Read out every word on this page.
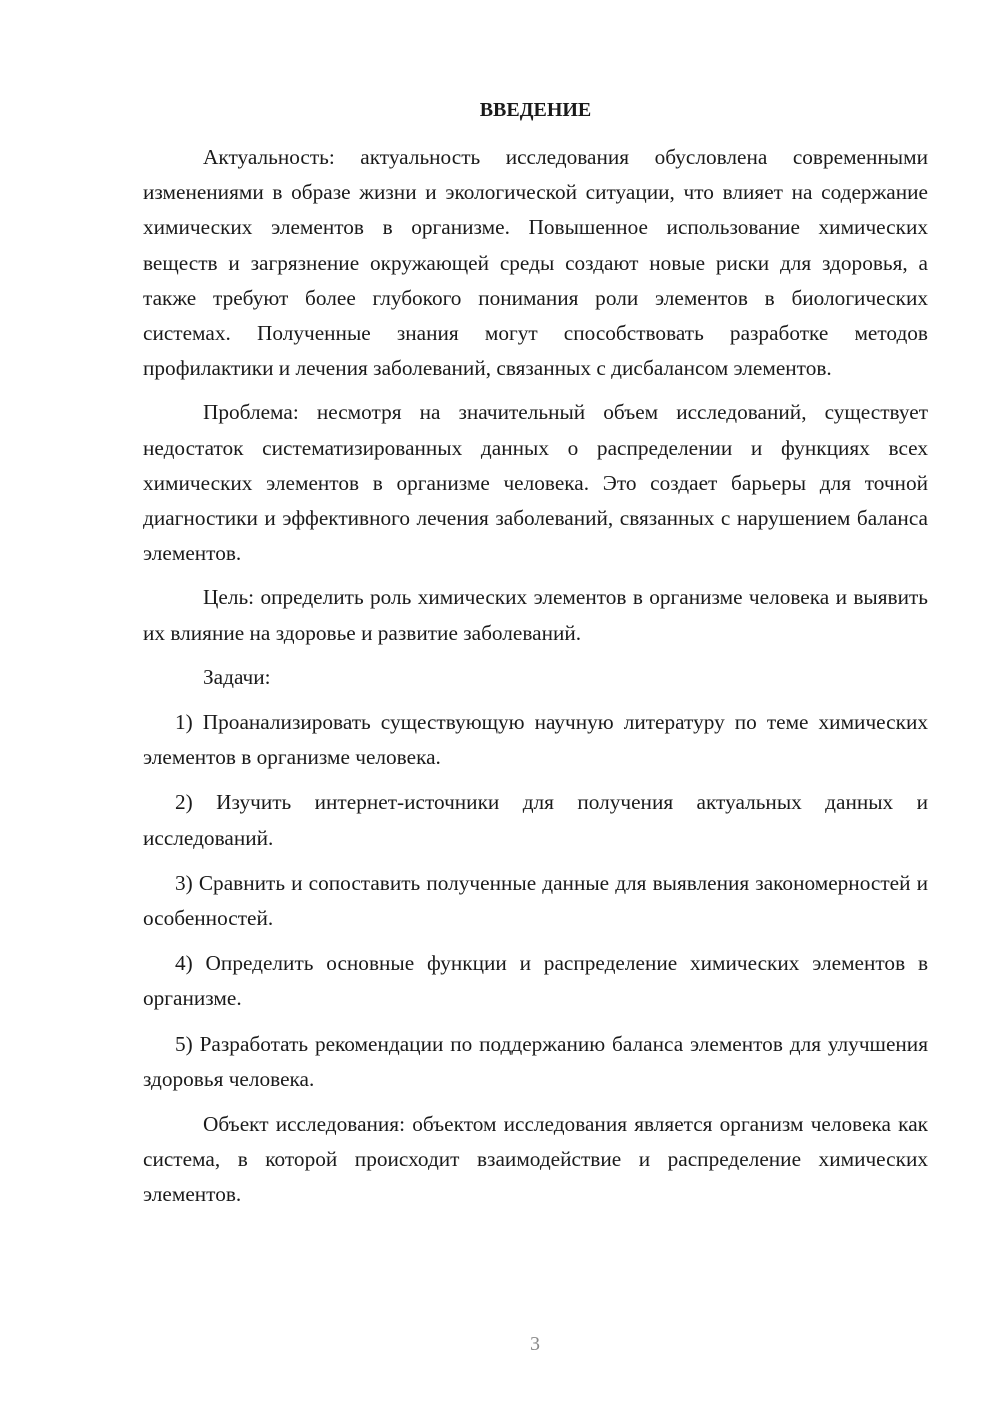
ВВЕДЕНИЕ

Актуальность: актуальность исследования обусловлена современными изменениями в образе жизни и экологической ситуации, что влияет на содержание химических элементов в организме. Повышенное использование химических веществ и загрязнение окружающей среды создают новые риски для здоровья, а также требуют более глубокого понимания роли элементов в биологических системах. Полученные знания могут способствовать разработке методов профилактики и лечения заболеваний, связанных с дисбалансом элементов.

Проблема: несмотря на значительный объем исследований, существует недостаток систематизированных данных о распределении и функциях всех химических элементов в организме человека. Это создает барьеры для точной диагностики и эффективного лечения заболеваний, связанных с нарушением баланса элементов.

Цель: определить роль химических элементов в организме человека и выявить их влияние на здоровье и развитие заболеваний.

Задачи:

1) Проанализировать существующую научную литературу по теме химических элементов в организме человека.

2) Изучить интернет-источники для получения актуальных данных и исследований.

3) Сравнить и сопоставить полученные данные для выявления закономерностей и особенностей.

4) Определить основные функции и распределение химических элементов в организме.

5) Разработать рекомендации по поддержанию баланса элементов для улучшения здоровья человека.

Объект исследования: объектом исследования является организм человека как система, в которой происходит взаимодействие и распределение химических элементов.

3
